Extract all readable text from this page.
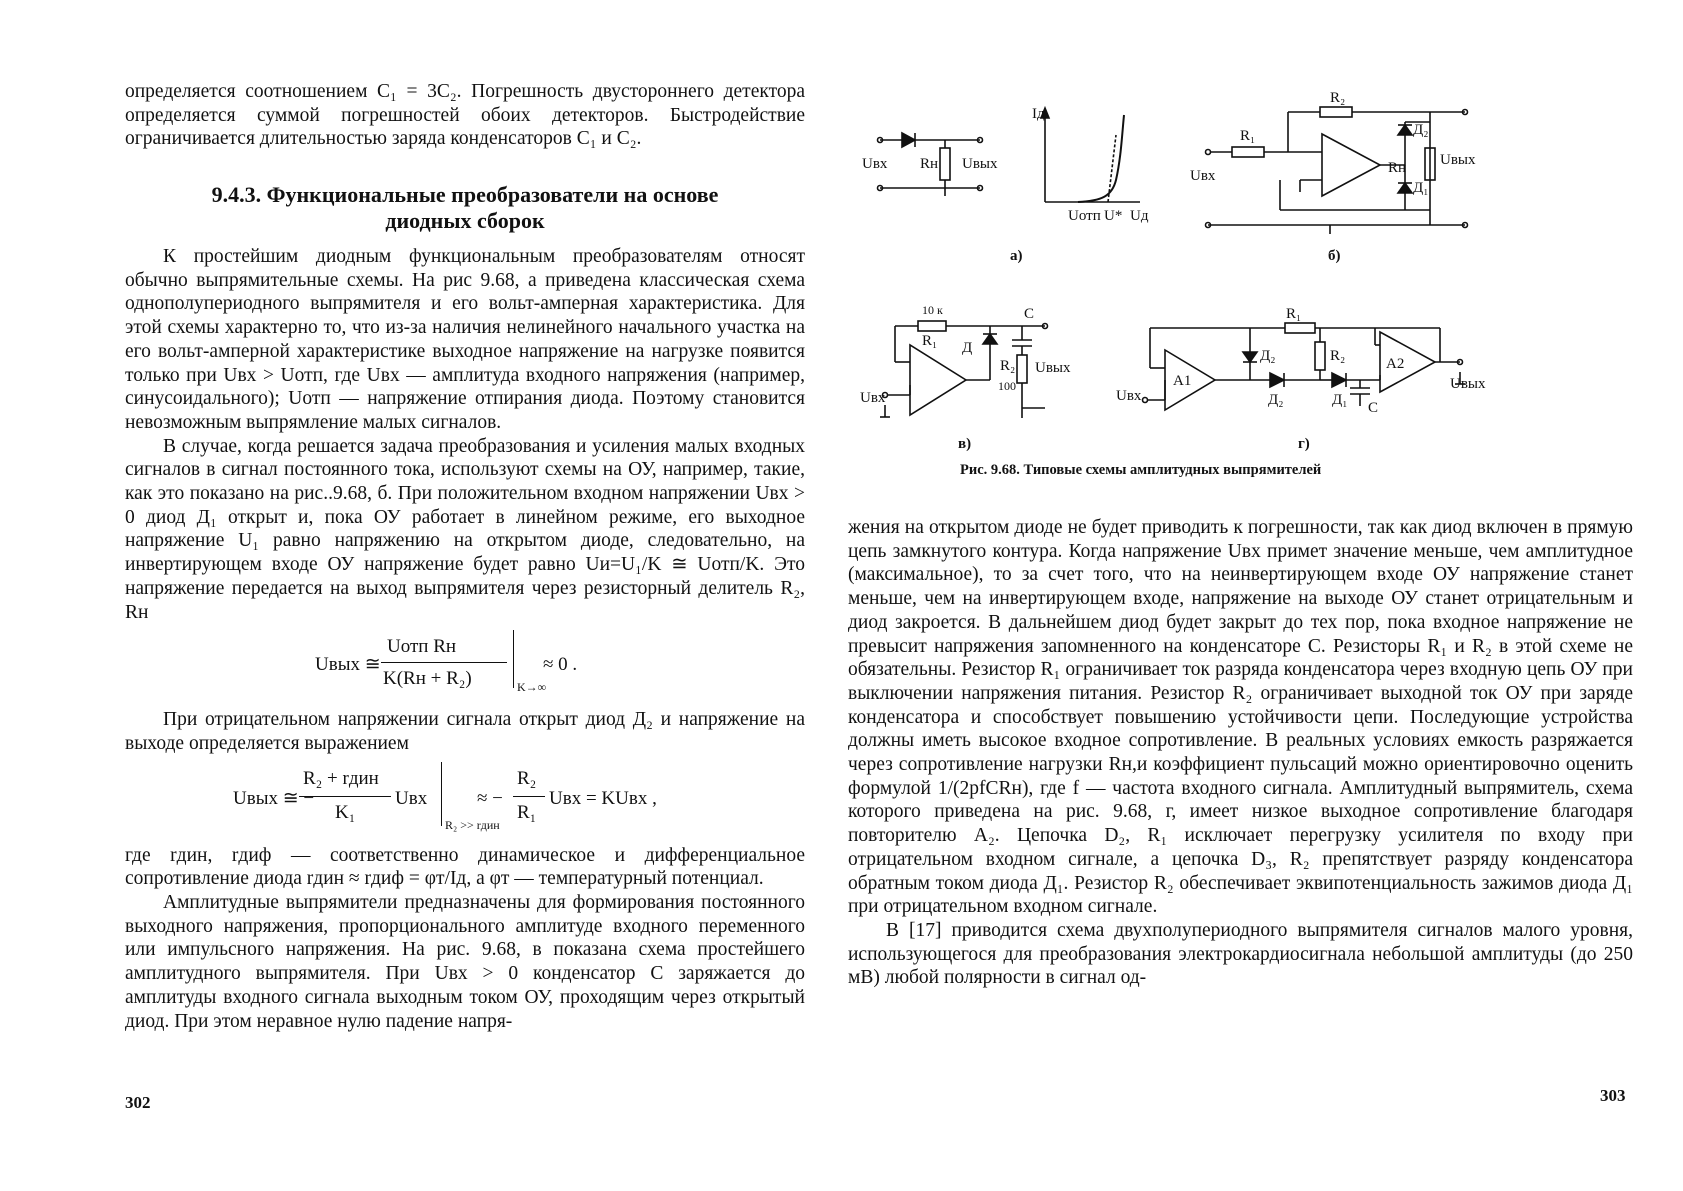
определяется соотношением C₁ = 3C₂. Погрешность двустороннего детектора определяется суммой погрешностей обоих детекторов. Быстродействие ограничивается длительностью заряда конденсаторов C₁ и C₂.

9.4.3. Функциональные преобразователи на основе
диодных сборок

К простейшим диодным функциональным преобразователям относят обычно выпрямительные схемы. На рис 9.68, а приведена классическая схема однополупериодного выпрямителя и его вольт-амперная характеристика. Для этой схемы характерно то, что из-за наличия нелинейного начального участка на его вольт-амперной характеристике выходное напряжение на нагрузке появится только при Uвх > Uотп, где Uвх — амплитуда входного напряжения (например, синусоидального); Uотп — напряжение отпирания диода. Поэтому становится невозможным выпрямление малых сигналов.

В случае, когда решается задача преобразования и усиления малых входных сигналов в сигнал постоянного тока, используют схемы на ОУ, например, такие, как это показано на рис..9.68, б. При положительном входном напряжении Uвх > 0 диод Д₁ открыт и, пока ОУ работает в линейном режиме, его выходное напряжение U₁ равно напряжению на открытом диоде, следовательно, на инвертирующем входе ОУ напряжение будет равно Uи=U₁/K ≅ Uотп/K. Это напряжение передается на выход выпрямителя через резисторный делитель R₂, Rн

Uвых ≅
Uотп Rн
K(Rн + R₂)	K→∞
≈ 0 .

При отрицательном напряжении сигнала открыт диод Д₂ и напряжение на выходе определяется выражением

Uвых ≅ −
R₂ + rдин
K₁
Uвх
R₂ >> rдин
≈ −
R₂
R₁
Uвх = KUвх ,

где rдин, rдиф — соответственно динамическое и дифференциальное сопротивление диода rдин ≈ rдиф = φт/Iд, а φт — температурный потенциал.

Амплитудные выпрямители предназначены для формирования постоянного выходного напряжения, пропорционального амплитуде входного переменного или импульсного напряжения. На рис. 9.68, в показана схема простейшего амплитудного выпрямителя. При Uвх > 0 конденсатор С заряжается до амплитуды входного сигнала выходным током ОУ, проходящим через открытый диод. При этом неравное нулю падение напря-

302
Uвх Rн Uвых
Iд
Uотп U* Uд
R₁
R₂
Rн
Д₂
Д₁
Uвх
Uвых
10 к
R₁ Д
C
R₂
100
Uвх
Uвых
R₁
R₂
A1
A2
Д₂
Д₂	Д₁ C
Uвх
Uвых
а)	б)
в)	г)
Рис. 9.68. Типовые схемы амплитудных выпрямителей

жения на открытом диоде не будет приводить к погрешности, так как диод включен в прямую цепь замкнутого контура. Когда напряжение Uвх примет значение меньше, чем амплитудное (максимальное), то за счет того, что на неинвертирующем входе ОУ напряжение станет меньше, чем на инвертирующем входе, напряжение на выходе ОУ станет отрицательным и диод закроется. В дальнейшем диод будет закрыт до тех пор, пока входное напряжение не превысит напряжения запомненного на конденсаторе С. Резисторы R₁ и R₂ в этой схеме не обязательны. Резистор R₁ ограничивает ток разряда конденсатора через входную цепь ОУ при выключении напряжения питания. Резистор R₂ ограничивает выходной ток ОУ при заряде конденсатора и способствует повышению устойчивости цепи. Последующие устройства должны иметь высокое входное сопротивление. В реальных условиях емкость разряжается через сопротивление нагрузки Rн,и коэффициент пульсаций можно ориентировочно оценить формулой 1/(2pfCRн), где f — частота входного сигнала. Амплитудный выпрямитель, схема которого приведена на рис. 9.68, г, имеет низкое выходное сопротивление благодаря повторителю A₂. Цепочка D₂, R₁ исключает перегрузку усилителя по входу при отрицательном входном сигнале, а цепочка D₃, R₂ препятствует разряду конденсатора обратным током диода Д₁. Резистор R₂ обеспечивает эквипотенциальность зажимов диода Д₁ при отрицательном входном сигнале.

В [17] приводится схема двухполупериодного выпрямителя сигналов малого уровня, использующегося для преобразования электрокардиосигнала небольшой амплитуды (до 250 мВ) любой полярности в сигнал од-

303
